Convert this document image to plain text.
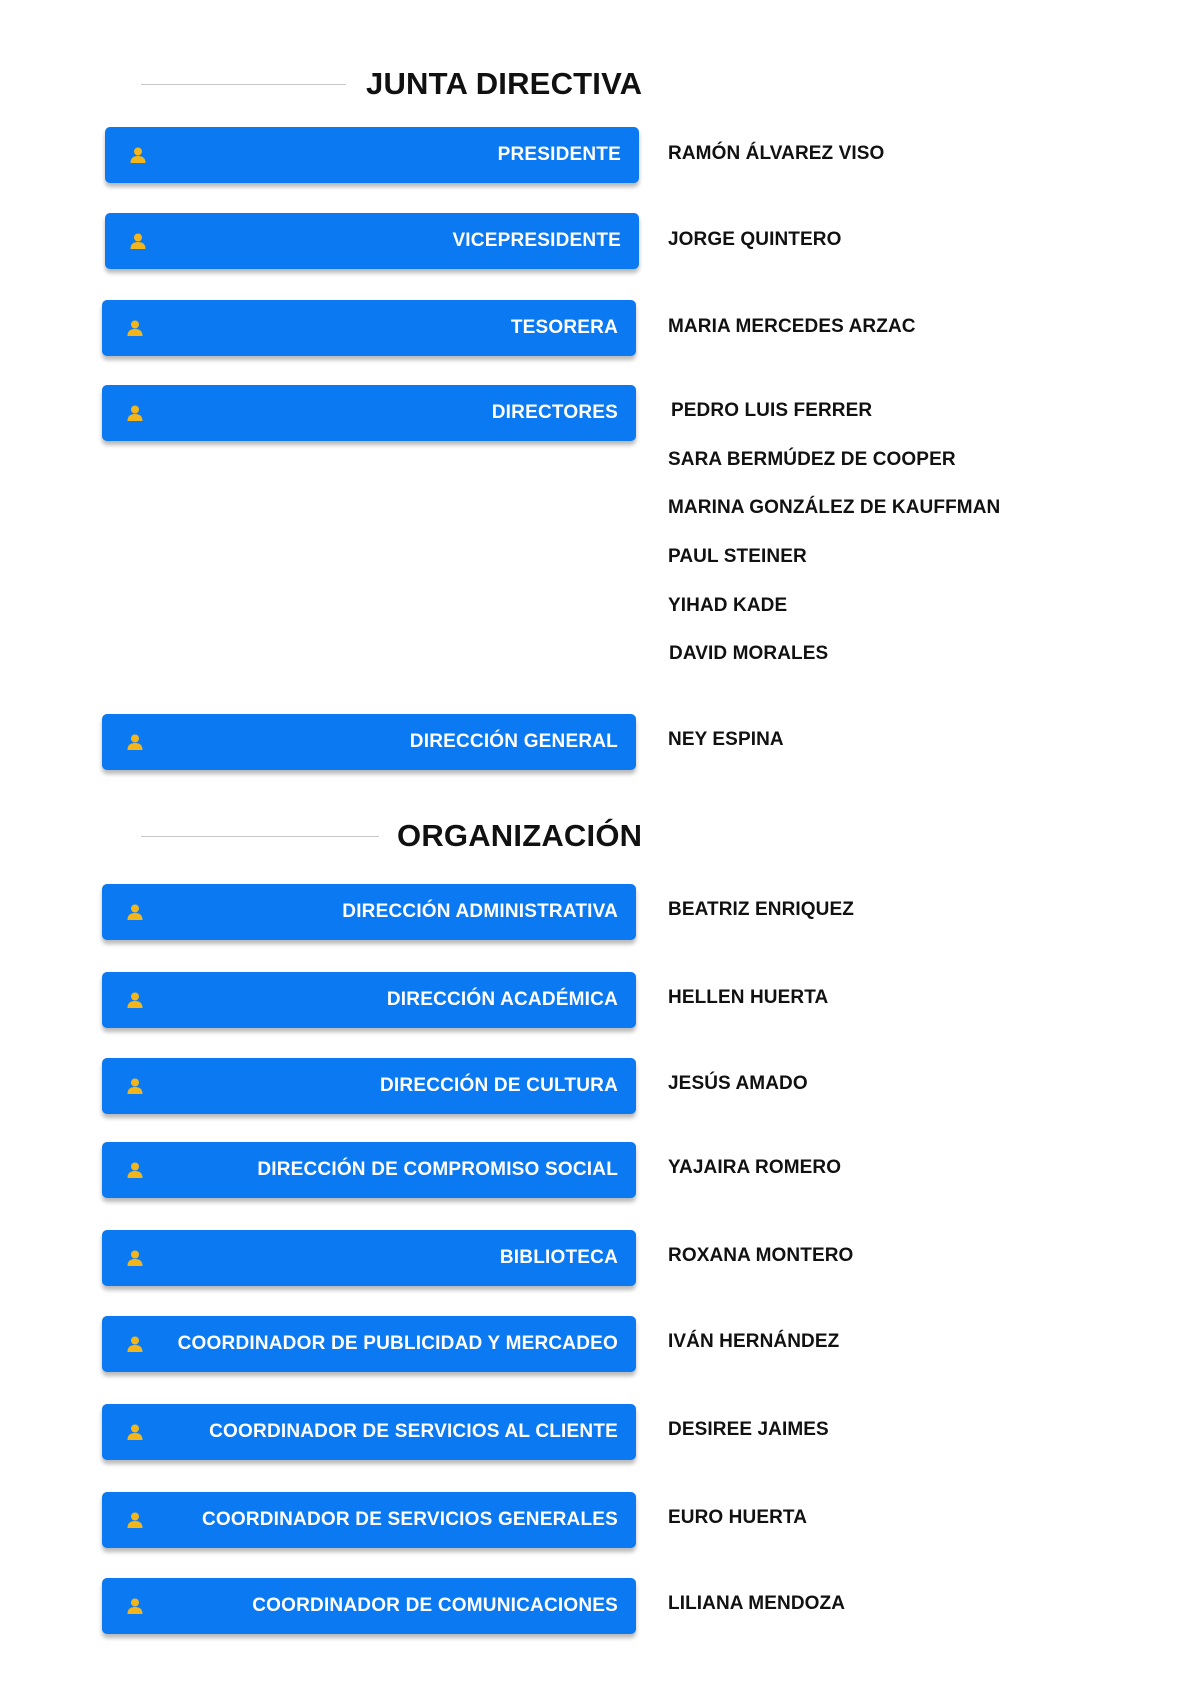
JUNTA DIRECTIVA
ORGANIZACIÓN
PRESIDENTE
VICEPRESIDENTE
TESORERA
DIRECTORES
DIRECCIÓN GENERAL
DIRECCIÓN ADMINISTRATIVA
DIRECCIÓN ACADÉMICA
DIRECCIÓN DE CULTURA
DIRECCIÓN DE COMPROMISO SOCIAL
BIBLIOTECA
COORDINADOR DE PUBLICIDAD Y MERCADEO
COORDINADOR DE SERVICIOS AL CLIENTE
COORDINADOR DE SERVICIOS GENERALES
COORDINADOR DE COMUNICACIONES
RAMÓN ÁLVAREZ VISO
JORGE QUINTERO
MARIA MERCEDES ARZAC
PEDRO LUIS FERRER
SARA BERMÚDEZ DE COOPER
MARINA GONZÁLEZ DE KAUFFMAN
PAUL STEINER
YIHAD KADE
DAVID MORALES
NEY ESPINA
BEATRIZ ENRIQUEZ
HELLEN HUERTA
JESÚS AMADO
YAJAIRA ROMERO
ROXANA MONTERO
IVÁN HERNÁNDEZ
DESIREE JAIMES
EURO HUERTA
LILIANA MENDOZA
